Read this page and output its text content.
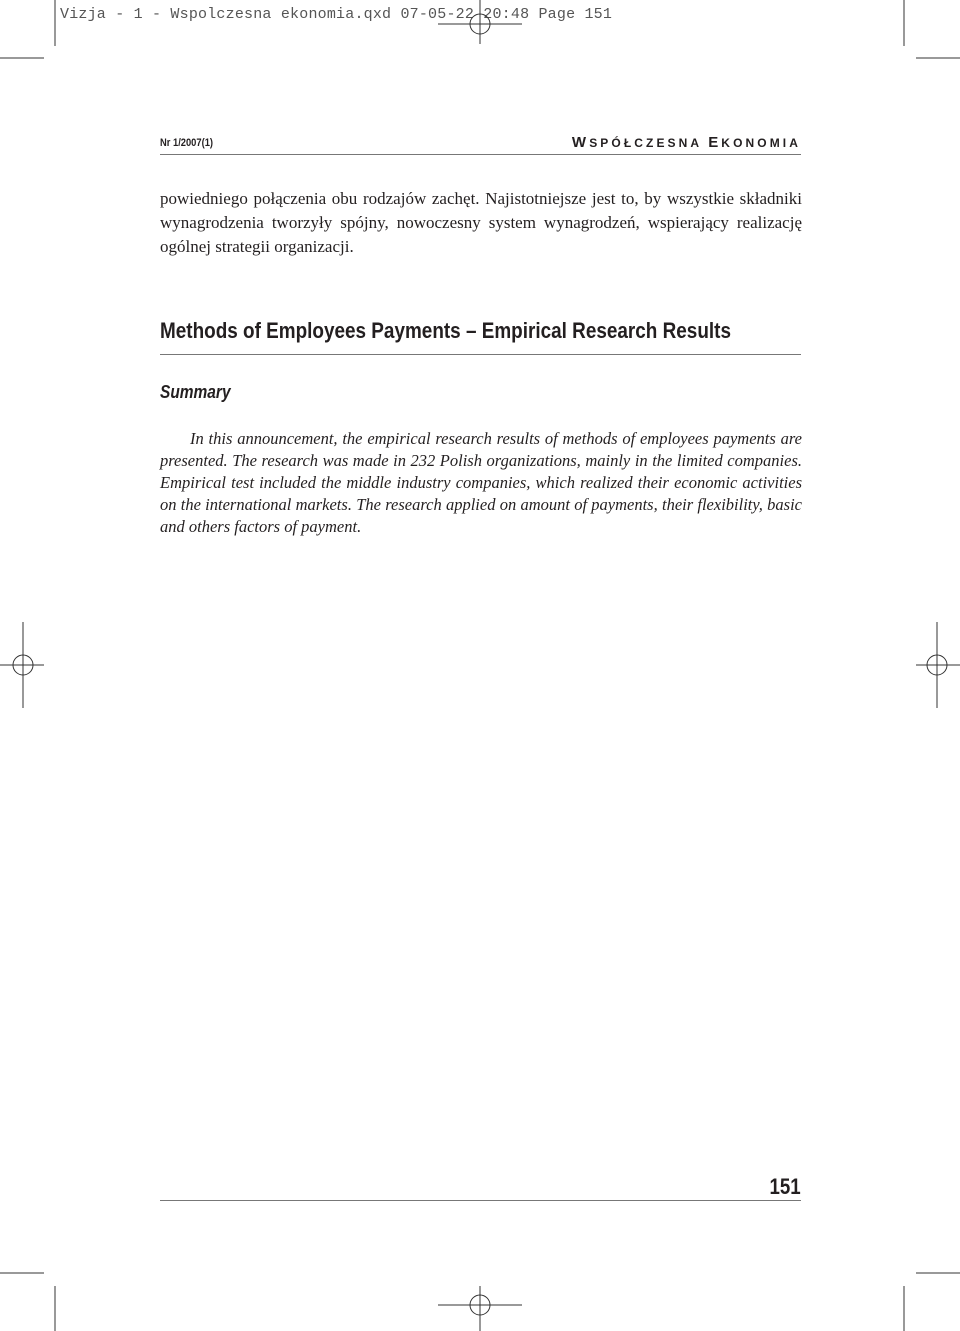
Vizja - 1 - Wspolczesna ekonomia.qxd 07-05-22 20:48 Page 151
Nr 1/2007(1)	WSPÓŁCZESNA EKONOMIA

powiedniego połączenia obu rodzajów zachęt. Najistotniejsze jest to, by wszystkie składniki wynagrodzenia tworzyły spójny, nowoczesny system wynagrodzeń, wspierający realizację ogólnej strategii organizacji.

Methods of Employees Payments – Empirical Research Results
Summary

In this announcement, the empirical research results of methods of employees payments are presented. The research was made in 232 Polish organizations, mainly in the limited companies. Empirical test included the middle industry companies, which realized their economic activities on the international markets. The research applied on amount of payments, their flexibility, basic and others factors of payment.

151
